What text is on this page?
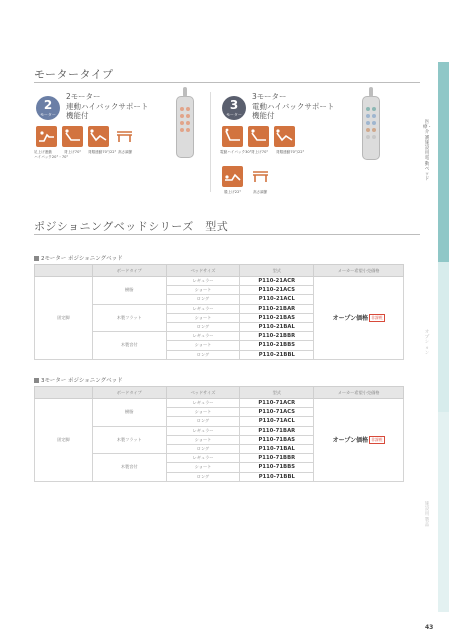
医療・介護施設用電動ベッド
オプション
施設用製品
モータータイプ
2
モーター
2モーター
連動ハイバックサポート
機能付
足上げ連動
ハイバック20°・70°
背上げ70° 背膝連動70°/22° 高さ調節
3
モーター
3モーター
電動ハイバックサポート
機能付
電動ハイバック30° 背上げ70° 背膝連動70°/22°
膝上げ22°	高さ調節
ポジショニングベッドシリーズ　型式
2モーター ポジショニングベッド
	ボードタイプ	ベッドサイズ	型式	メーカー希望小売価格
固定脚	樹脂	レギュラー	P110-21ACR	オープン価格 非課税
		ショート	P110-21ACS	
		ロング	P110-21ACL	
	木製フラット	レギュラー	P110-21BAR	
		ショート	P110-21BAS	
		ロング	P110-21BAL	
	木製宮付	レギュラー	P110-21BBR	
		ショート	P110-21BBS	
		ロング	P110-21BBL	
3モーター ポジショニングベッド
	ボードタイプ	ベッドサイズ	型式	メーカー希望小売価格
固定脚	樹脂	レギュラー	P110-71ACR	オープン価格 非課税
		ショート	P110-71ACS	
		ロング	P110-71ACL	
	木製フラット	レギュラー	P110-71BAR	
		ショート	P110-71BAS	
		ロング	P110-71BAL	
	木製宮付	レギュラー	P110-71BBR	
		ショート	P110-71BBS	
		ロング	P110-71BBL	
43
